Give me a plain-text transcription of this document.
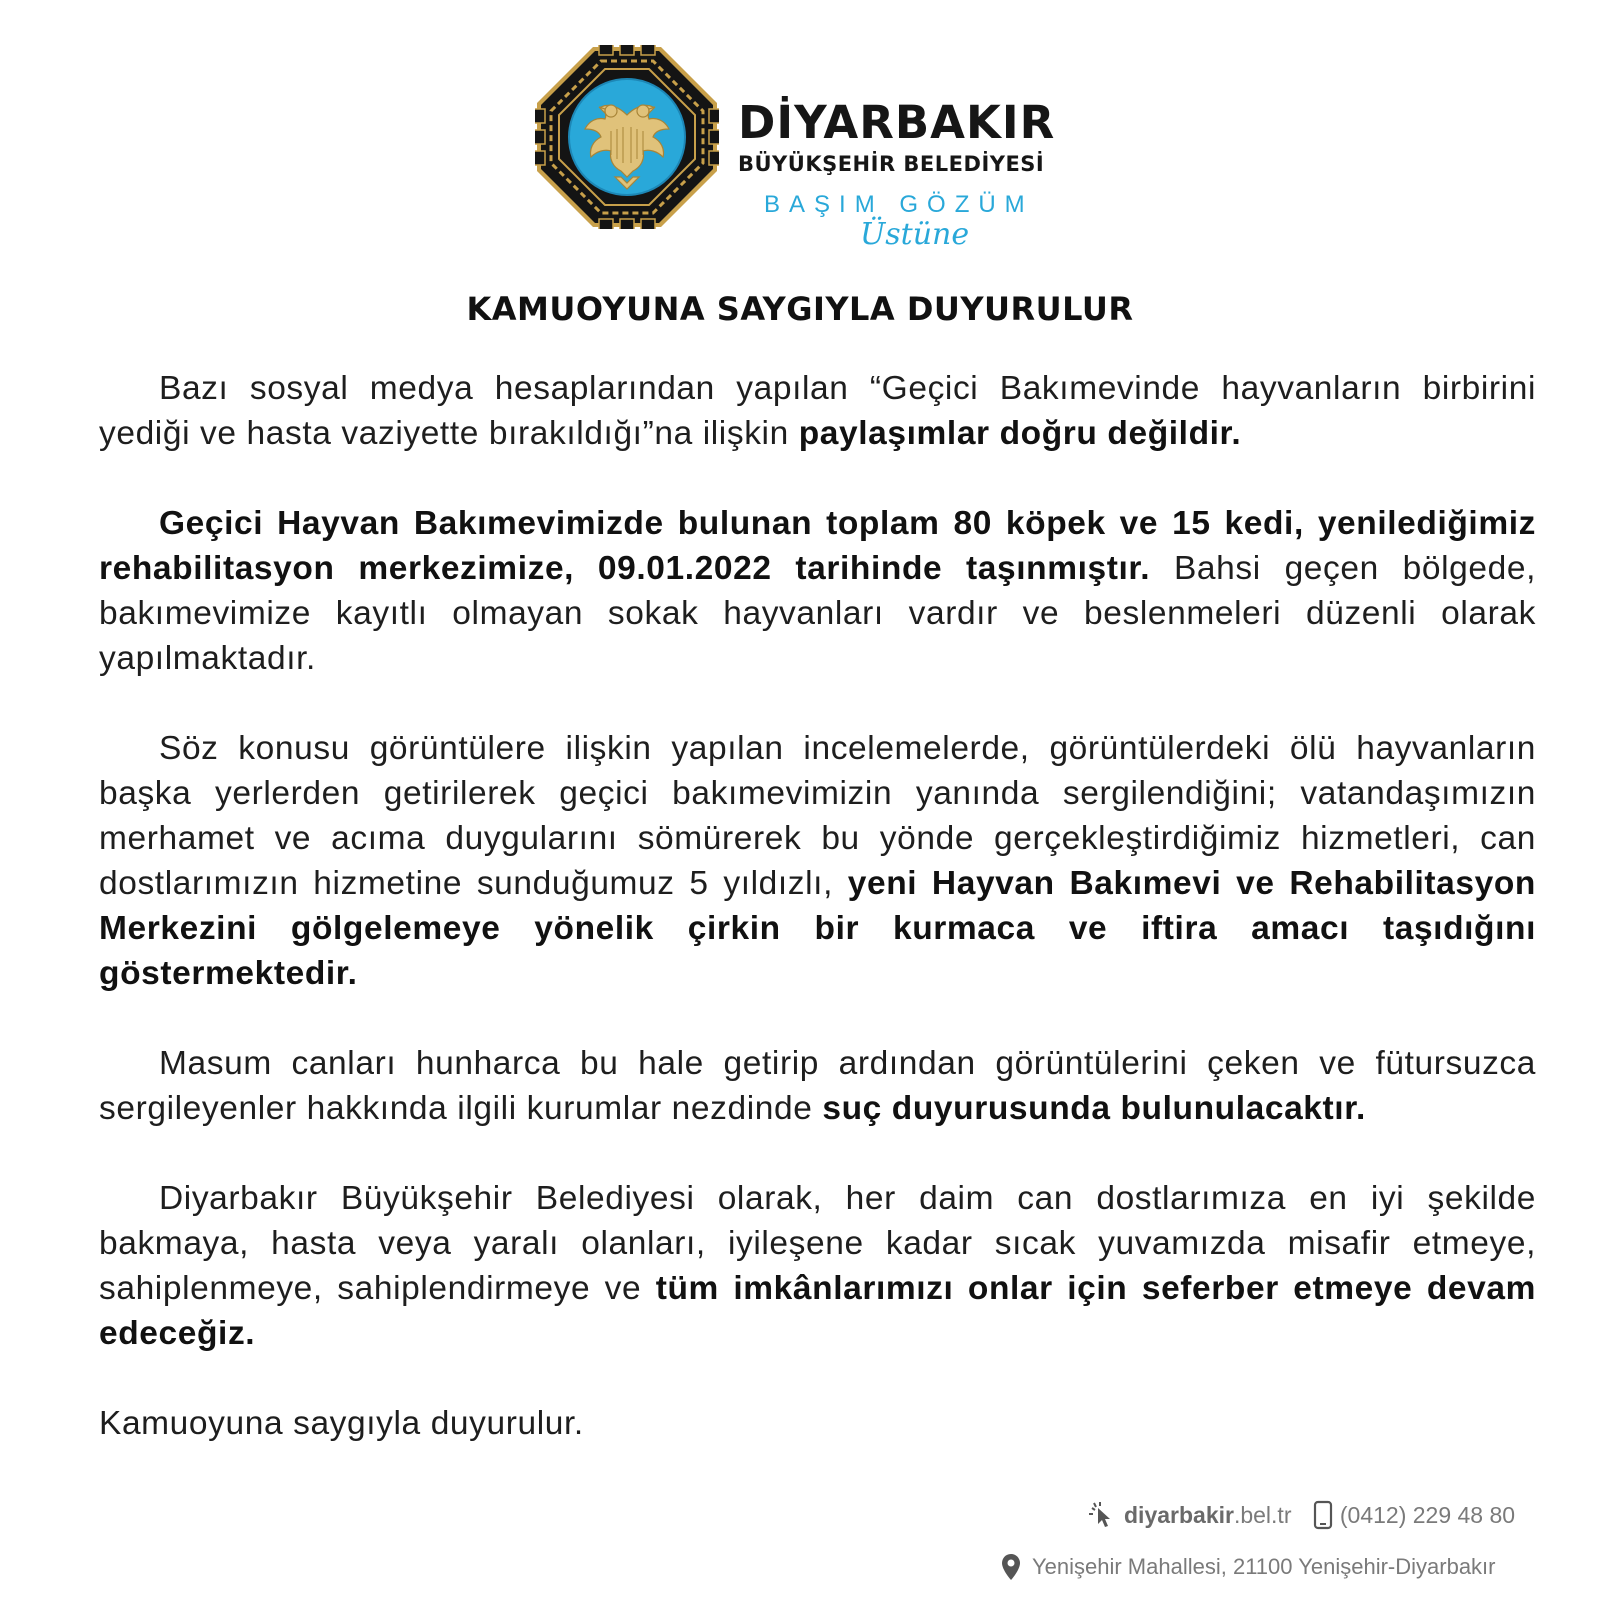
DİYARBAKIR
BÜYÜKŞEHİR BELEDİYESİ
BAŞIM GÖZÜM
Üstüne
KAMUOYUNA SAYGIYLA DUYURULUR

Bazı sosyal medya hesaplarından yapılan “Geçici Bakımevinde hayvanların birbirini yediği ve hasta vaziyette bırakıldığı”na ilişkin paylaşımlar doğru değildir.

Geçici Hayvan Bakımevimizde bulunan toplam 80 köpek ve 15 kedi, yenilediğimiz rehabilitasyon merkezimize, 09.01.2022 tarihinde taşınmıştır. Bahsi geçen bölgede, bakımevimize kayıtlı olmayan sokak hayvanları vardır ve beslenmeleri düzenli olarak yapılmaktadır.

Söz konusu görüntülere ilişkin yapılan incelemelerde, görüntülerdeki ölü hayvanların başka yerlerden getirilerek geçici bakımevimizin yanında sergilendiğini; vatandaşımızın merhamet ve acıma duygularını sömürerek bu yönde gerçekleştirdiğimiz hizmetleri, can dostlarımızın hizmetine sunduğumuz 5 yıldızlı, yeni Hayvan Bakımevi ve Rehabilitasyon Merkezini gölgelemeye yönelik çirkin bir kurmaca ve iftira amacı taşıdığını göstermektedir.

Masum canları hunharca bu hale getirip ardından görüntülerini çeken ve fütursuzca sergileyenler hakkında ilgili kurumlar nezdinde suç duyurusunda bulunulacaktır.

Diyarbakır Büyükşehir Belediyesi olarak, her daim can dostlarımıza en iyi şekilde bakmaya, hasta veya yaralı olanları, iyileşene kadar sıcak yuvamızda misafir etmeye, sahiplenmeye, sahiplendirmeye ve tüm imkânlarımızı onlar için seferber etmeye devam edeceğiz.

Kamuoyuna saygıyla duyurulur.

diyarbakir.bel.tr
(0412) 229 48 80
Yenişehir Mahallesi, 21100 Yenişehir-Diyarbakır
